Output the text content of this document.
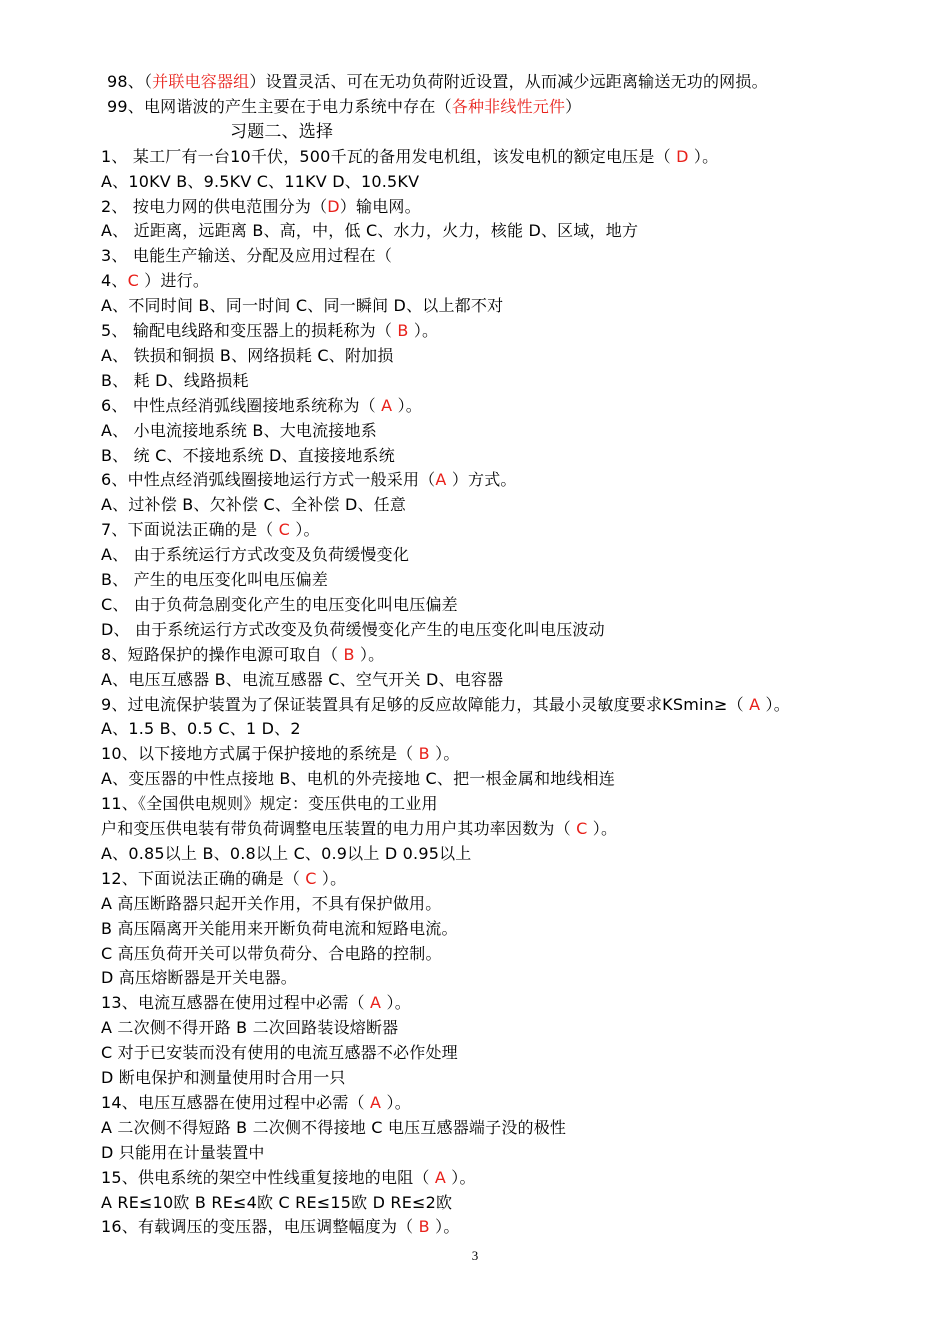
98、（并联电容器组）设置灵活、可在无功负荷附近设置，从而减少远距离输送无功的网损。
99、电网谐波的产生主要在于电力系统中存在（各种非线性元件）
习题二、选择
1、 某工厂有一台10千伏，500千瓦的备用发电机组，该发电机的额定电压是（ D ）。
A、10KV B、9.5KV C、11KV D、10.5KV
2、 按电力网的供电范围分为（D）输电网。
A、 近距离，远距离 B、高，中，低 C、水力，火力，核能 D、区域，地方
3、 电能生产输送、分配及应用过程在（
4、C ）进行。
A、不同时间 B、同一时间 C、同一瞬间 D、以上都不对
5、 输配电线路和变压器上的损耗称为（ B ）。
A、 铁损和铜损 B、网络损耗 C、附加损
B、 耗 D、线路损耗
6、 中性点经消弧线圈接地系统称为（ A ）。
A、 小电流接地系统 B、大电流接地系
B、 统 C、不接地系统 D、直接接地系统
6、中性点经消弧线圈接地运行方式一般采用（A ）方式。
A、过补偿 B、欠补偿 C、全补偿 D、任意
7、下面说法正确的是（ C ）。
A、 由于系统运行方式改变及负荷缓慢变化
B、 产生的电压变化叫电压偏差
C、 由于负荷急剧变化产生的电压变化叫电压偏差
D、 由于系统运行方式改变及负荷缓慢变化产生的电压变化叫电压波动
8、短路保护的操作电源可取自（ B ）。
A、电压互感器 B、电流互感器 C、空气开关 D、电容器
9、过电流保护装置为了保证装置具有足够的反应故障能力，其最小灵敏度要求KSmin≥（ A ）。
A、1.5 B、0.5 C、1 D、2
10、以下接地方式属于保护接地的系统是（ B ）。
A、变压器的中性点接地 B、电机的外壳接地 C、把一根金属和地线相连
11、《全国供电规则》规定：变压供电的工业用
户和变压供电装有带负荷调整电压装置的电力用户其功率因数为（ C ）。
A、0.85以上 B、0.8以上 C、0.9以上 D 0.95以上
12、下面说法正确的确是（ C ）。
A 高压断路器只起开关作用，不具有保护做用。
B 高压隔离开关能用来开断负荷电流和短路电流。
C 高压负荷开关可以带负荷分、合电路的控制。
D 高压熔断器是开关电器。
13、电流互感器在使用过程中必需（ A ）。
A 二次侧不得开路 B 二次回路装设熔断器
C 对于已安装而没有使用的电流互感器不必作处理
D 断电保护和测量使用时合用一只
14、电压互感器在使用过程中必需（ A ）。
A 二次侧不得短路 B 二次侧不得接地 C 电压互感器端子没的极性
D 只能用在计量装置中
15、供电系统的架空中性线重复接地的电阻（ A ）。
A RE≤10欧 B RE≤4欧 C RE≤15欧 D RE≤2欧
16、有载调压的变压器，电压调整幅度为（ B ）。
3
